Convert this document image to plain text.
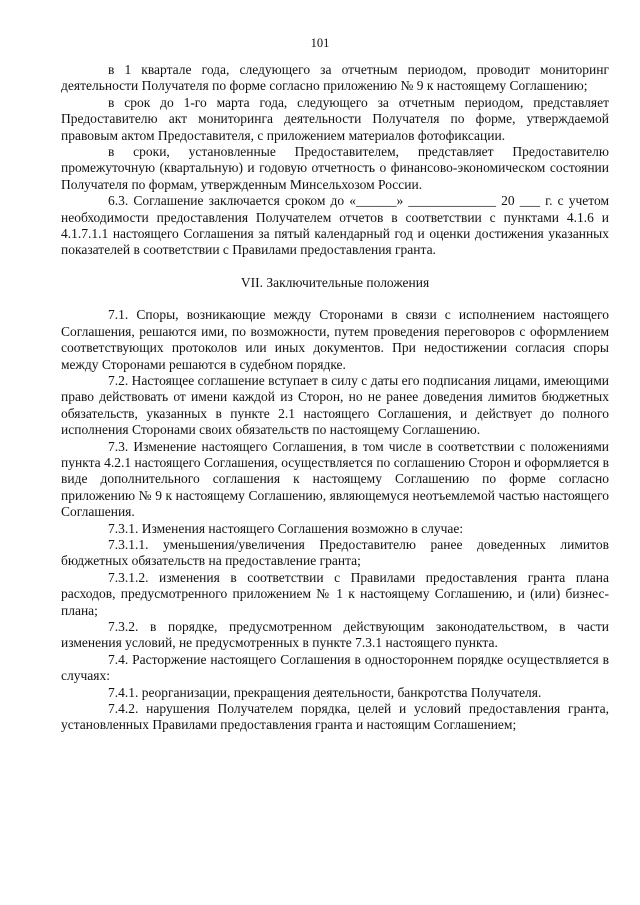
101

в 1 квартале года, следующего за отчетным периодом, проводит мониторинг деятельности Получателя по форме согласно приложению № 9 к настоящему Соглашению;

в срок до 1-го марта года, следующего за отчетным периодом, представляет Предоставителю акт мониторинга деятельности Получателя по форме, утверждаемой правовым актом Предоставителя, с приложением материалов фотофиксации.

в сроки, установленные Предоставителем, представляет Предоставителю промежуточную (квартальную) и годовую отчетность о финансово-экономическом состоянии Получателя по формам, утвержденным Минсельхозом России.

6.3. Соглашение заключается сроком до «______» _____________ 20 ___ г. с учетом необходимости предоставления Получателем отчетов в соответствии с пунктами 4.1.6 и 4.1.7.1.1 настоящего Соглашения за пятый календарный год и оценки достижения указанных показателей в соответствии с Правилами предоставления гранта.

VII. Заключительные положения

7.1. Споры, возникающие между Сторонами в связи с исполнением настоящего Соглашения, решаются ими, по возможности, путем проведения переговоров с оформлением соответствующих протоколов или иных документов. При недостижении согласия споры между Сторонами решаются в судебном порядке.

7.2. Настоящее соглашение вступает в силу с даты его подписания лицами, имеющими право действовать от имени каждой из Сторон, но не ранее доведения лимитов бюджетных обязательств, указанных в пункте 2.1 настоящего Соглашения, и действует до полного исполнения Сторонами своих обязательств по настоящему Соглашению.

7.3. Изменение настоящего Соглашения, в том числе в соответствии с положениями пункта 4.2.1 настоящего Соглашения, осуществляется по соглашению Сторон и оформляется в виде дополнительного соглашения к настоящему Соглашению по форме согласно приложению № 9 к настоящему Соглашению, являющемуся неотъемлемой частью настоящего Соглашения.

7.3.1. Изменения настоящего Соглашения возможно в случае:

7.3.1.1. уменьшения/увеличения Предоставителю ранее доведенных лимитов бюджетных обязательств на предоставление гранта;

7.3.1.2. изменения в соответствии с Правилами предоставления гранта плана расходов, предусмотренного приложением № 1 к настоящему Соглашению, и (или) бизнес-плана;

7.3.2. в порядке, предусмотренном действующим законодательством, в части изменения условий, не предусмотренных в пункте 7.3.1 настоящего пункта.

7.4. Расторжение настоящего Соглашения в одностороннем порядке осуществляется в случаях:

7.4.1. реорганизации, прекращения деятельности, банкротства Получателя.

7.4.2. нарушения Получателем порядка, целей и условий предоставления гранта, установленных Правилами предоставления гранта и настоящим Соглашением;
